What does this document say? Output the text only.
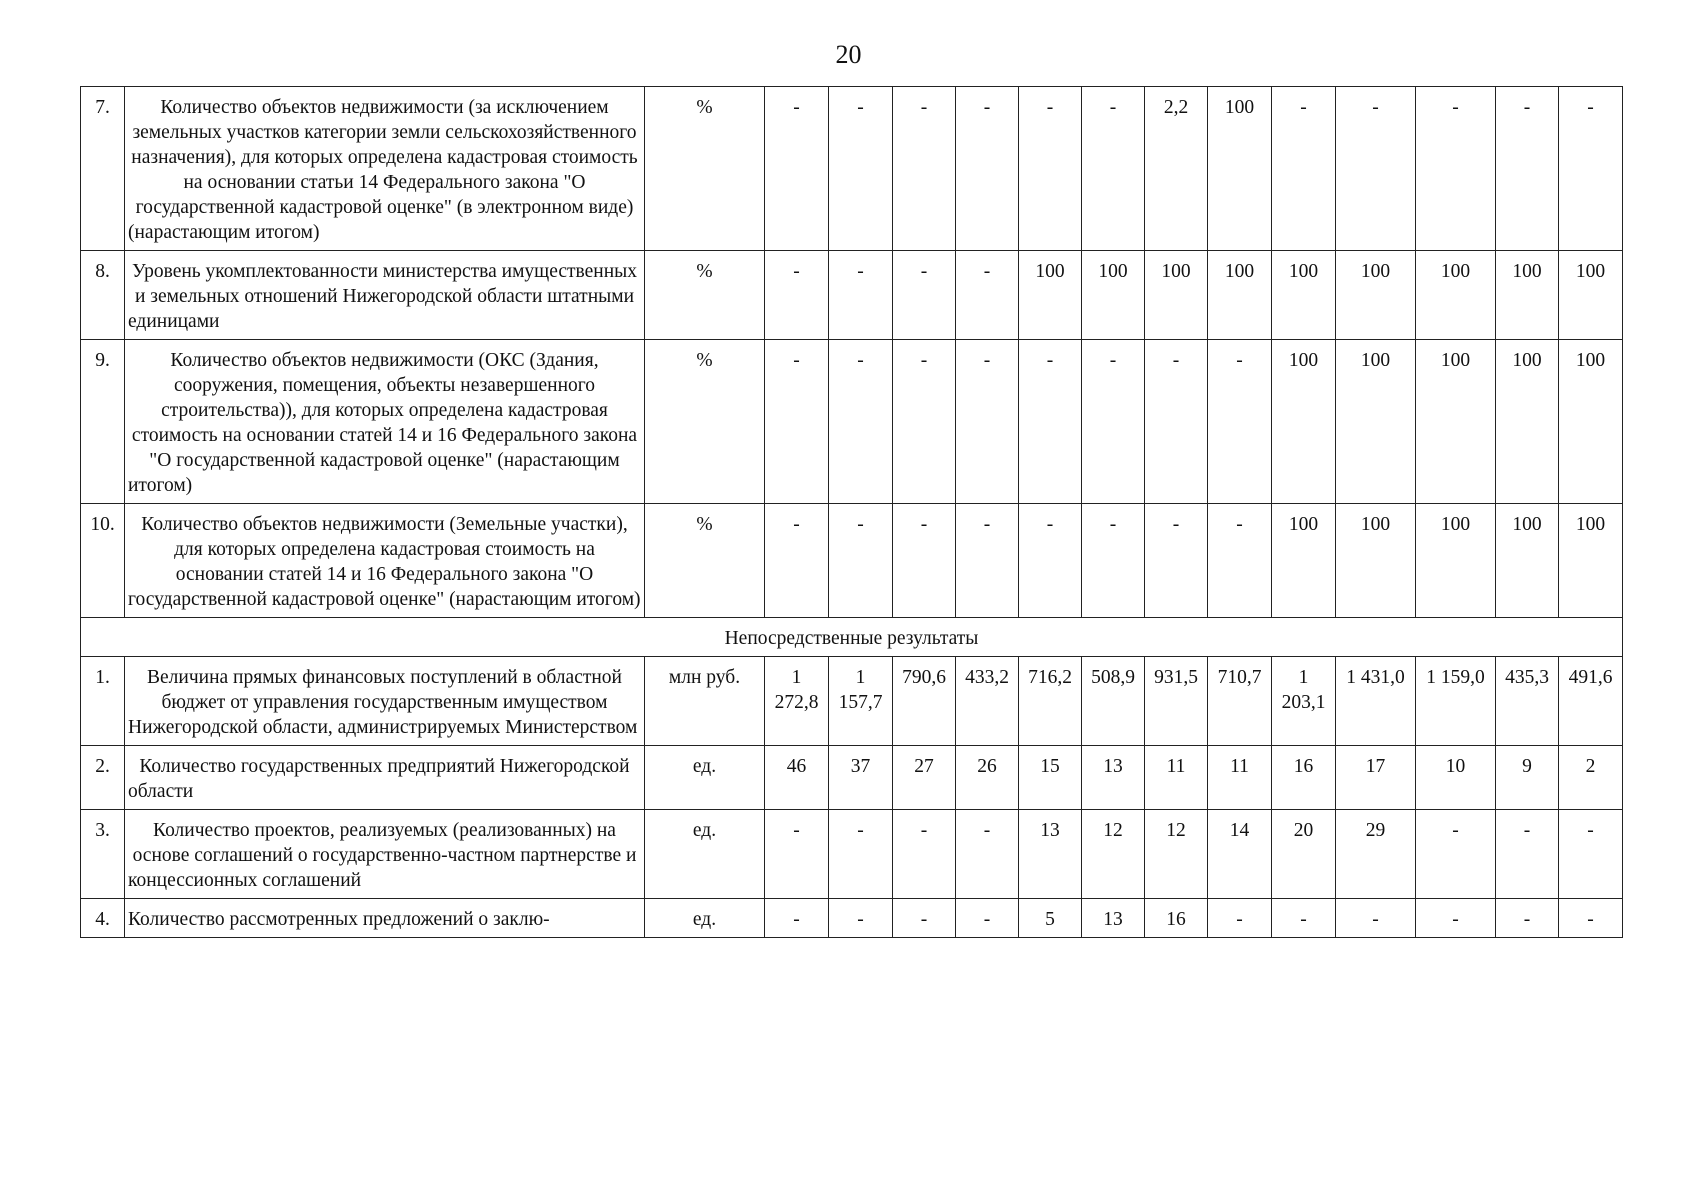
20
7.	Количество объектов недвижимости (за исключением земельных участков категории земли сельскохозяйственного назначения), для которых определена кадастровая стоимость на основании статьи 14 Федерального закона "О государственной кадастровой оценке" (в электронном виде) (нарастающим итогом)	%	-	-	-	-	-	-	2,2	100	-	-	-	-	-
8.	Уровень укомплектованности министерства имущественных и земельных отношений Нижегородской области штатными единицами	%	-	-	-	-	100	100	100	100	100	100	100	100	100
9.	Количество объектов недвижимости (ОКС (Здания, сооружения, помещения, объекты незавершенного строительства)), для которых определена кадастровая стоимость на основании статей 14 и 16 Федерального закона "О государственной кадастровой оценке" (нарастающим итогом)	%	-	-	-	-	-	-	-	-	100	100	100	100	100
10.	Количество объектов недвижимости (Земельные участки), для которых определена кадастровая стоимость на основании статей 14 и 16 Федерального закона "О государственной кадастровой оценке" (нарастающим итогом)	%	-	-	-	-	-	-	-	-	100	100	100	100	100
Непосредственные результаты															
1.	Величина прямых финансовых поступлений в областной бюджет от управления государственным имуществом Нижегородской области, администрируемых Министерством	млн руб.	1 272,8	1 157,7	790,6	433,2	716,2	508,9	931,5	710,7	1 203,1	1 431,0	1 159,0	435,3	491,6
2.	Количество государственных предприятий Нижегородской области	ед.	46	37	27	26	15	13	11	11	16	17	10	9	2
3.	Количество проектов, реализуемых (реализованных) на основе соглашений о государственно-частном партнерстве и концессионных соглашений	ед.	-	-	-	-	13	12	12	14	20	29	-	-	-
4.	Количество рассмотренных предложений о заклю-	ед.	-	-	-	-	5	13	16	-	-	-	-	-	-
